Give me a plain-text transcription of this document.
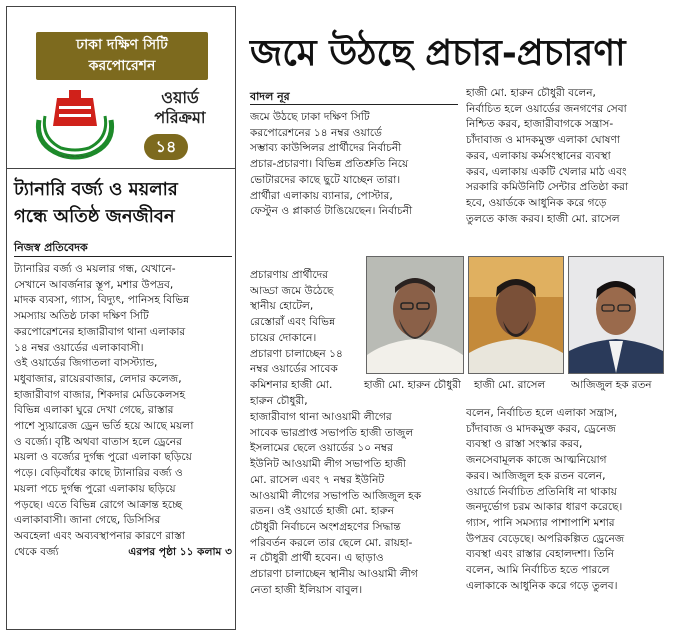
ঢাকা দক্ষিণ সিটি
করপোরেশন
~~~~~~
ওয়ার্ড
পরিক্রমা
১৪
ট্যানারি বর্জ্য ও ময়লার
গন্ধে অতিষ্ঠ জনজীবন
নিজস্ব প্রতিবেদক

ট্যানারির বর্জ্য ও ময়লার গন্ধ, যেখানে-

সেখানে আবর্জনার স্তূপ, মশার উপদ্রব,

মাদক ব্যবসা, গ্যাস, বিদ্যুৎ, পানিসহ বিভিন্ন

সমস্যায় অতিষ্ঠ ঢাকা দক্ষিণ সিটি

করপোরেশনের হাজারীবাগ থানা এলাকার

১৪ নম্বর ওয়ার্ডের এলাকাবাসী।

ওই ওয়ার্ডের জিগাতলা বাসস্ট্যান্ড,

মধুবাজার, রায়েরবাজার, লেদার কলেজ,

হাজারীবাগ বাজার, শিকদার মেডিকেলসহ

বিভিন্ন এলাকা ঘুরে দেখা গেছে, রাস্তার

পাশে স্যুয়ারেজ ড্রেন ভর্তি হয়ে আছে ময়লা

ও বর্জ্যে। বৃষ্টি অথবা বাতাস হলে ড্রেনের

ময়লা ও বর্জ্যের দুর্গন্ধ পুরো এলাকা ছড়িয়ে

পড়ে। বেড়িবাঁধের কাছে ট্যানারির বর্জ্য ও

ময়লা পচে দুর্গন্ধ পুরো এলাকায় ছড়িয়ে

পড়ছে। এতে বিভিন্ন রোগে আক্রান্ত হচ্ছে

এলাকাবাসী। জানা গেছে, ডিসিসির

অবহেলা এবং অব্যবস্থাপনার কারণে রাস্তা

থেকে বর্জ্য	এরপর পৃষ্ঠা ১১ কলাম ৩
জমে উঠছে প্রচার-প্রচারণা
বাদল নূর

জমে উঠছে ঢাকা দক্ষিণ সিটি

করপোরেশনের ১৪ নম্বর ওয়ার্ডে

সম্ভাব্য কাউন্সিলর প্রার্থীদের নির্বাচনী

প্রচার-প্রচারণা। বিভিন্ন প্রতিশ্রুতি নিয়ে

ভোটারদের কাছে ছুটে যাচ্ছেন তারা।

প্রার্থীরা এলাকায় ব্যানার, পোস্টার,

ফেস্টুন ও প্লাকার্ড টাঙিয়েছেন। নির্বাচনী

প্রচারণায় প্রার্থীদের

আড্ডা জমে উঠেছে

স্থানীয় হোটেল,

রেস্তোরাঁ এবং বিভিন্ন

চায়ের দোকানে।

প্রচারণা চালাচ্ছেন ১৪

নম্বর ওয়ার্ডের সাবেক

কমিশনার হাজী মো.

হারুন চৌধুরী,

হাজারীবাগ থানা আওয়ামী লীগের

সাবেক ভারপ্রাপ্ত সভাপতি হাজী তাজুল

ইসলামের ছেলে ওয়ার্ডের ১০ নম্বর

ইউনিট আওয়ামী লীগ সভাপতি হাজী

মো. রাসেল এবং ৭ নম্বর ইউনিট

আওয়ামী লীগের সভাপতি আজিজুল হক

রতন। ওই ওয়ার্ডে হাজী মো. হারুন

চৌধুরী নির্বাচনে অংশগ্রহণের সিদ্ধান্ত

পরিবর্তন করলে তার ছেলে মো. রায়হা-

ন চৌধুরী প্রার্থী হবেন। এ ছাড়াও

প্রচারণা চালাচ্ছেন স্থানীয় আওয়ামী লীগ

নেতা হাজী ইলিয়াস বাবুল।

হাজী মো. হারুন চৌধুরী বলেন,

নির্বাচিত হলে ওয়ার্ডের জনগণের সেবা

নিশ্চিত করব, হাজারীবাগকে সন্ত্রাস-

চাঁদাবাজ ও মাদকমুক্ত এলাকা ঘোষণা

করব, এলাকায় কর্মসংস্থানের ব্যবস্থা

করব, এলাকায় একটি খেলার মাঠ এবং

সরকারি কমিউনিটি সেন্টার প্রতিষ্ঠা করা

হবে, ওয়ার্ডকে আধুনিক করে গড়ে

তুলতে কাজ করব। হাজী মো. রাসেল

বলেন, নির্বাচিত হলে এলাকা সন্ত্রাস,

চাঁদাবাজ ও মাদকমুক্ত করব, ড্রেনেজ

ব্যবস্থা ও রাস্তা সংস্কার করব,

জনসেবামূলক কাজে আত্মনিয়োগ

করব। আজিজুল হক রতন বলেন,

ওয়ার্ডে নির্বাচিত প্রতিনিধি না থাকায়

জনদুর্ভোগ চরম আকার ধারণ করেছে।

গ্যাস, পানি সমস্যার পাশাপাশি মশার

উপদ্রব বেড়েছে। অপরিকল্পিত ড্রেনেজ

ব্যবস্থা এবং রাস্তার বেহালদশা। তিনি

বলেন, আমি নির্বাচিত হতে পারলে

এলাকাকে আধুনিক করে গড়ে তুলব।

হাজী মো. হারুন চৌধুরী হাজী মো. রাসেল আজিজুল হক রতন
